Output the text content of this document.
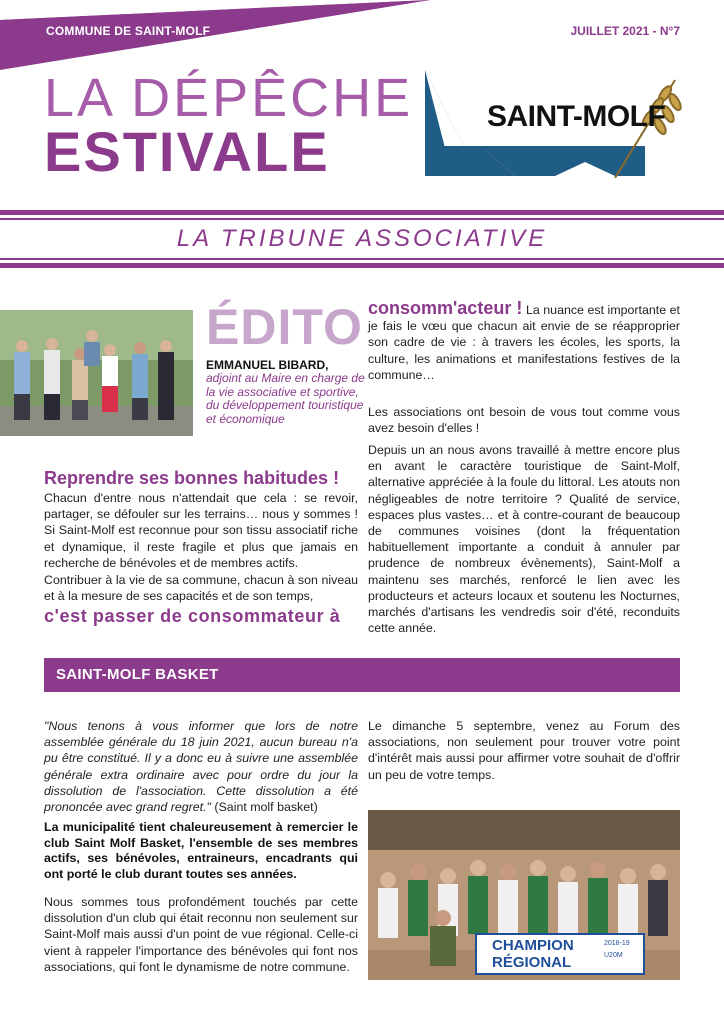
COMMUNE DE SAINT-MOLF	JUILLET 2021 - N°7
LA DÉPÊCHE
ESTIVALE
SAINT-MOLF
LA TRIBUNE ASSOCIATIVE
ÉDITO
EMMANUEL BIBARD,
adjoint au Maire en charge de la vie associative et sportive, du développement touristique et économique
Reprendre ses bonnes habitudes !
Chacun d'entre nous n'attendait que cela : se revoir, partager, se défouler sur les terrains… nous y sommes ! Si Saint-Molf est reconnue pour son tissu associatif riche et dynamique, il reste fragile et plus que jamais en recherche de bénévoles et de membres actifs.
Contribuer à la vie de sa commune, chacun à son niveau et à la mesure de ses capacités et de son temps,
c'est passer de consommateur à
consomm'acteur ! La nuance est importante et je fais le vœu que chacun ait envie de se réapproprier son cadre de vie : à travers les écoles, les sports, la culture, les animations et manifestations festives de la commune…
Les associations ont besoin de vous tout comme vous avez besoin d'elles !
Depuis un an nous avons travaillé à mettre encore plus en avant le caractère touristique de Saint-Molf, alternative appréciée à la foule du littoral. Les atouts non négligeables de notre territoire ? Qualité de service, espaces plus vastes… et à contre-courant de beaucoup de communes voisines (dont la fréquentation habituellement importante a conduit à annuler par prudence de nombreux évènements), Saint-Molf a maintenu ses marchés, renforcé le lien avec les producteurs et acteurs locaux et soutenu les Nocturnes, marchés d'artisans les vendredis soir d'été, reconduits cette année.
SAINT-MOLF BASKET
"Nous tenons à vous informer que lors de notre assemblée générale du 18 juin 2021, aucun bureau n'a pu être constitué. Il y a donc eu à suivre une assemblée générale extra ordinaire avec pour ordre du jour la dissolution de l'association. Cette dissolution a été prononcée avec grand regret." (Saint molf basket)
La municipalité tient chaleureusement à remercier le club Saint Molf Basket, l'ensemble de ses membres actifs, ses bénévoles, entraineurs, encadrants qui ont porté le club durant toutes ses années.
Nous sommes tous profondément touchés par cette dissolution d'un club qui était reconnu non seulement sur Saint-Molf mais aussi d'un point de vue régional. Celle-ci vient à rappeler l'importance des bénévoles qui font nos associations, qui font le dynamisme de notre commune.
Le dimanche 5 septembre, venez au Forum des associations, non seulement pour trouver votre point d'intérêt mais aussi pour affirmer votre souhait de d'offrir un peu de votre temps.
CHAMPION
RÉGIONAL
2018-19
U20M
